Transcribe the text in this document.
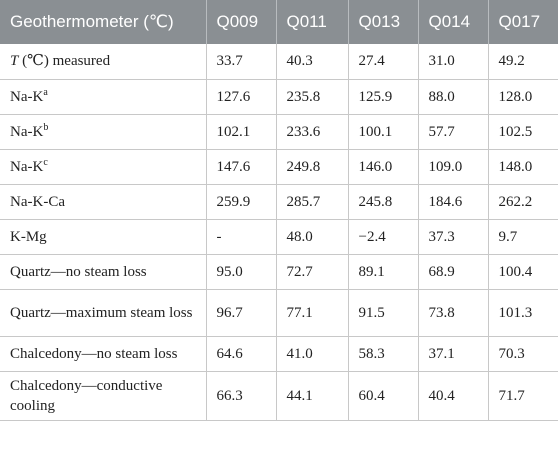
Geothermometer (℃)	Q009	Q011	Q013	Q014	Q017
T (℃) measured	33.7	40.3	27.4	31.0	49.2
$Na-K^a$	127.6	235.8	125.9	88.0	128.0
$Na-K^b$	102.1	233.6	100.1	57.7	102.5
$Na-K^c$	147.6	249.8	146.0	109.0	148.0
Na-K-Ca	259.9	285.7	245.8	184.6	262.2
K-Mg	-	48.0	−2.4	37.3	9.7
Quartz—no steam loss	95.0	72.7	89.1	68.9	100.4
Quartz—maximum steam loss	96.7	77.1	91.5	73.8	101.3
Chalcedony—no steam loss	64.6	41.0	58.3	37.1	70.3
Chalcedony—conductive cooling	66.3	44.1	60.4	40.4	71.7
